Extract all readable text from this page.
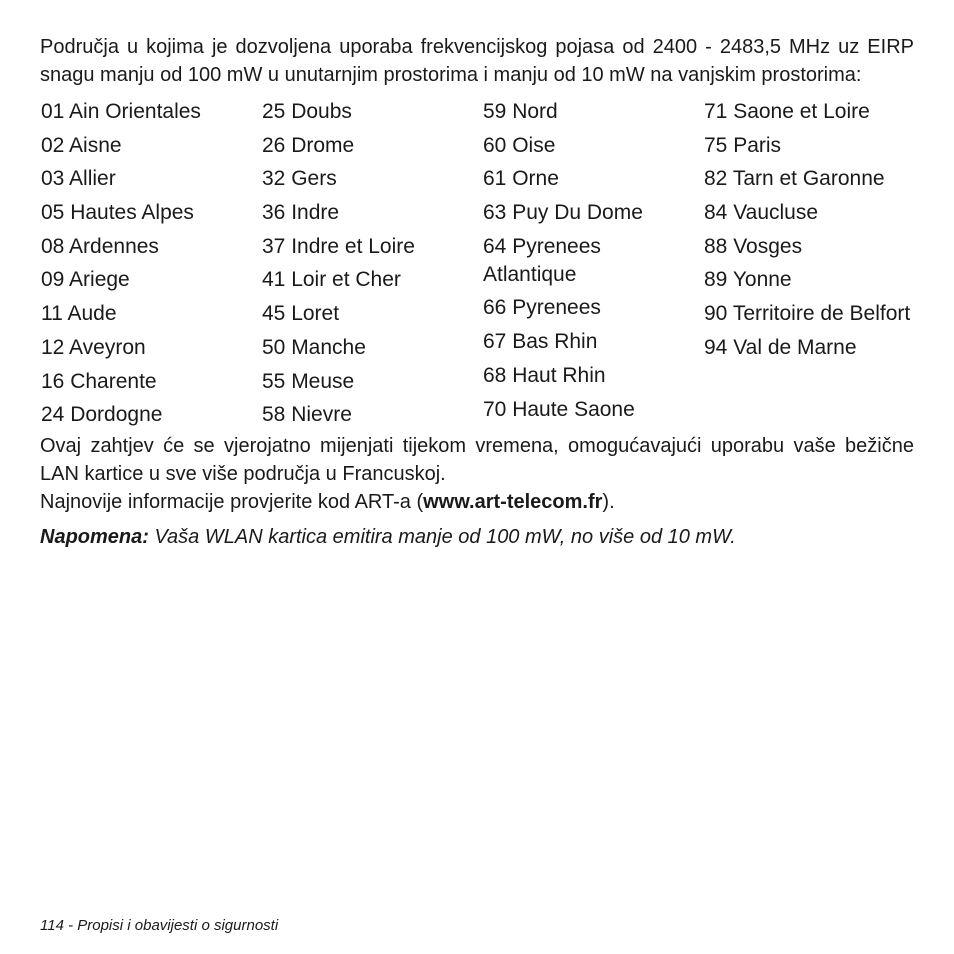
Područja u kojima je dozvoljena uporaba frekvencijskog pojasa od 2400 - 2483,5 MHz uz EIRP snagu manju od 100 mW u unutarnjim prostorima i manju od 10 mW na vanjskim prostorima:

01 Ain Orientales
02 Aisne
03 Allier
05 Hautes Alpes
08 Ardennes
09 Ariege
11 Aude
12 Aveyron
16 Charente
24 Dordogne
25 Doubs
26 Drome
32 Gers
36 Indre
37 Indre et Loire
41 Loir et Cher
45 Loret
50 Manche
55 Meuse
58 Nievre
59 Nord
60 Oise
61 Orne
63 Puy Du Dome
64 Pyrenees Atlantique
66 Pyrenees
67 Bas Rhin
68 Haut Rhin
70 Haute Saone
71 Saone et Loire
75 Paris
82 Tarn et Garonne
84 Vaucluse
88 Vosges
89 Yonne
90 Territoire de Belfort
94 Val de Marne

Ovaj zahtjev će se vjerojatno mijenjati tijekom vremena, omogućavajući uporabu vaše bežične LAN kartice u sve više područja u Francuskoj.

Najnovije informacije provjerite kod ART-a (www.art-telecom.fr).

Napomena: Vaša WLAN kartica emitira manje od 100 mW, no više od 10 mW.

114 - Propisi i obavijesti o sigurnosti
